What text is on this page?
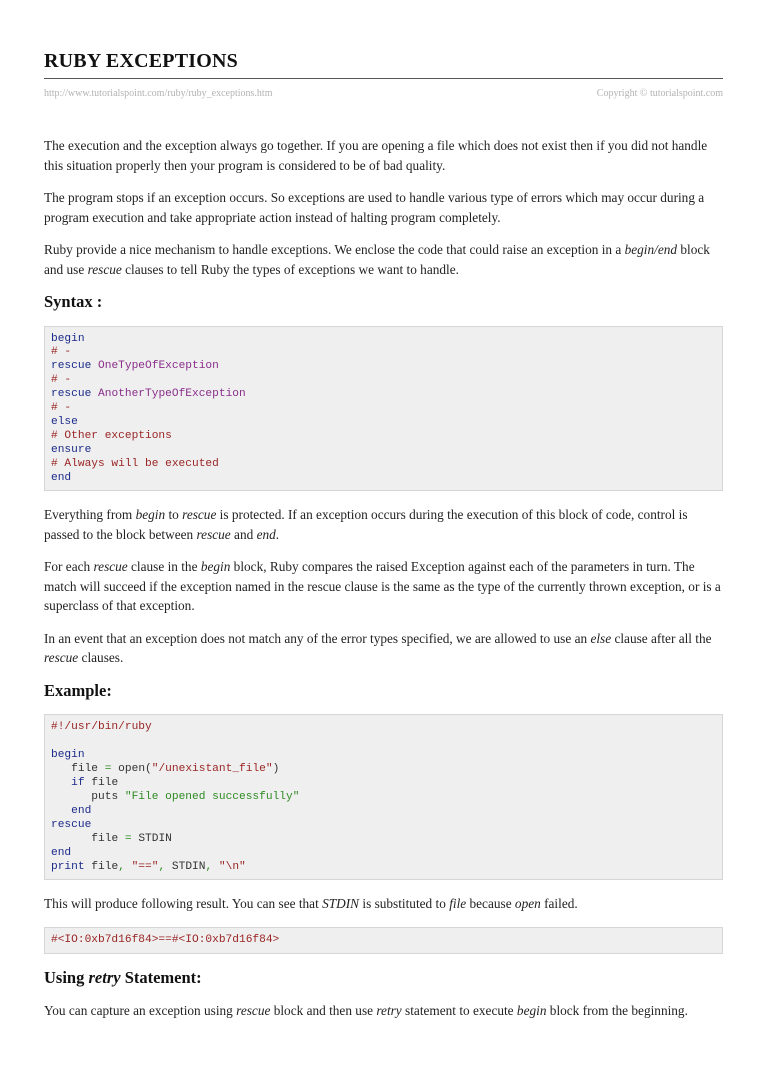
RUBY EXCEPTIONS
http://www.tutorialspoint.com/ruby/ruby_exceptions.htm	Copyright © tutorialspoint.com

The execution and the exception always go together. If you are opening a file which does not exist then if you did not handle this situation properly then your program is considered to be of bad quality.

The program stops if an exception occurs. So exceptions are used to handle various type of errors which may occur during a program execution and take appropriate action instead of halting program completely.

Ruby provide a nice mechanism to handle exceptions. We enclose the code that could raise an exception in a begin/end block and use rescue clauses to tell Ruby the types of exceptions we want to handle.

Syntax :
begin
# -
rescue OneTypeOfException
# -
rescue AnotherTypeOfException
# -
else
# Other exceptions
ensure
# Always will be executed
end

Everything from begin to rescue is protected. If an exception occurs during the execution of this block of code, control is passed to the block between rescue and end.

For each rescue clause in the begin block, Ruby compares the raised Exception against each of the parameters in turn. The match will succeed if the exception named in the rescue clause is the same as the type of the currently thrown exception, or is a superclass of that exception.

In an event that an exception does not match any of the error types specified, we are allowed to use an else clause after all the rescue clauses.

Example:
#!/usr/bin/ruby

begin
file = open("/unexistant_file")
if file
puts "File opened successfully"
end
rescue
file = STDIN
end
print file, "==", STDIN, "\n"

This will produce following result. You can see that STDIN is substituted to file because open failed.

#<IO:0xb7d16f84>==#<IO:0xb7d16f84>
Using retry Statement:

You can capture an exception using rescue block and then use retry statement to execute begin block from the beginning.
